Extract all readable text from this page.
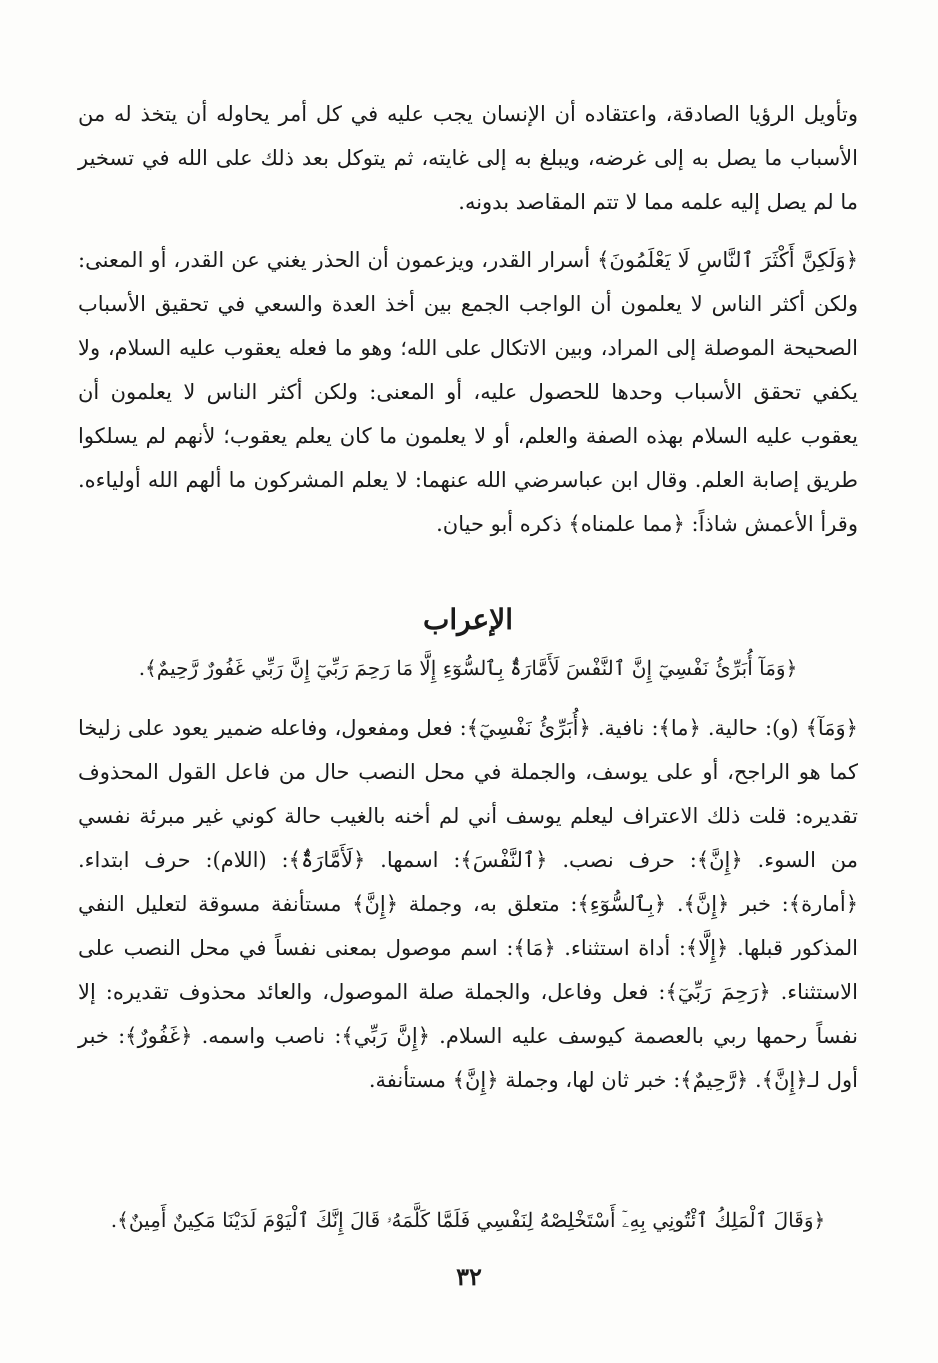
وتأويل الرؤيا الصادقة، واعتقاده أن الإنسان يجب عليه في كل أمر يحاوله أن يتخذ له من الأسباب ما يصل به إلى غرضه، ويبلغ به إلى غايته، ثم يتوكل بعد ذلك على الله في تسخير ما لم يصل إليه علمه مما لا تتم المقاصد بدونه.

﴿وَلَكِنَّ أَكْثَرَ ٱلنَّاسِ لَا يَعْلَمُونَ﴾ أسرار القدر، ويزعمون أن الحذر يغني عن القدر، أو المعنى: ولكن أكثر الناس لا يعلمون أن الواجب الجمع بين أخذ العدة والسعي في تحقيق الأسباب الصحيحة الموصلة إلى المراد، وبين الاتكال على الله؛ وهو ما فعله يعقوب عليه السلام، ولا يكفي تحقق الأسباب وحدها للحصول عليه، أو المعنى: ولكن أكثر الناس لا يعلمون أن يعقوب عليه السلام بهذه الصفة والعلم، أو لا يعلمون ما كان يعلم يعقوب؛ لأنهم لم يسلكوا طريق إصابة العلم. وقال ابن عباسرضي الله عنهما: لا يعلم المشركون ما ألهم الله أولياءه. وقرأ الأعمش شاذاً: ﴿مما علمناه﴾ ذكره أبو حيان.

الإعراب

﴿وَمَآ أُبَرِّئُ نَفْسِيٓ إِنَّ ٱلنَّفْسَ لَأَمَّارَةٌۢ بِٱلسُّوٓءِ إِلَّا مَا رَحِمَ رَبِّيٓ إِنَّ رَبِّي غَفُورٌ رَّحِيمٌ﴾.

﴿وَمَآ﴾ (و): حالية. ﴿ما﴾: نافية. ﴿أُبَرِّئُ نَفْسِيٓ﴾: فعل ومفعول، وفاعله ضمير يعود على زليخا كما هو الراجح، أو على يوسف، والجملة في محل النصب حال من فاعل القول المحذوف تقديره: قلت ذلك الاعتراف ليعلم يوسف أني لم أخنه بالغيب حالة كوني غير مبرئة نفسي من السوء. ﴿إِنَّ﴾: حرف نصب. ﴿ٱلنَّفْسَ﴾: اسمها. ﴿لَأَمَّارَةٌۢ﴾: (اللام): حرف ابتداء. ﴿أمارة﴾: خبر ﴿إِنَّ﴾. ﴿بِٱلسُّوٓءِ﴾: متعلق به، وجملة ﴿إِنَّ﴾ مستأنفة مسوقة لتعليل النفي المذكور قبلها. ﴿إِلَّا﴾: أداة استثناء. ﴿مَا﴾: اسم موصول بمعنى نفساً في محل النصب على الاستثناء. ﴿رَحِمَ رَبِّيٓ﴾: فعل وفاعل، والجملة صلة الموصول، والعائد محذوف تقديره: إلا نفساً رحمها ربي بالعصمة كيوسف عليه السلام. ﴿إِنَّ رَبِّي﴾: ناصب واسمه. ﴿غَفُورٌ﴾: خبر أول لـ﴿إِنَّ﴾. ﴿رَّحِيمٌ﴾: خبر ثان لها، وجملة ﴿إِنَّ﴾ مستأنفة.

﴿وَقَالَ ٱلْمَلِكُ ٱئْتُونِي بِهِۦٓ أَسْتَخْلِصْهُ لِنَفْسِي فَلَمَّا كَلَّمَهُۥ قَالَ إِنَّكَ ٱلْيَوْمَ لَدَيْنَا مَكِينٌ أَمِينٌ﴾.

٣٢
